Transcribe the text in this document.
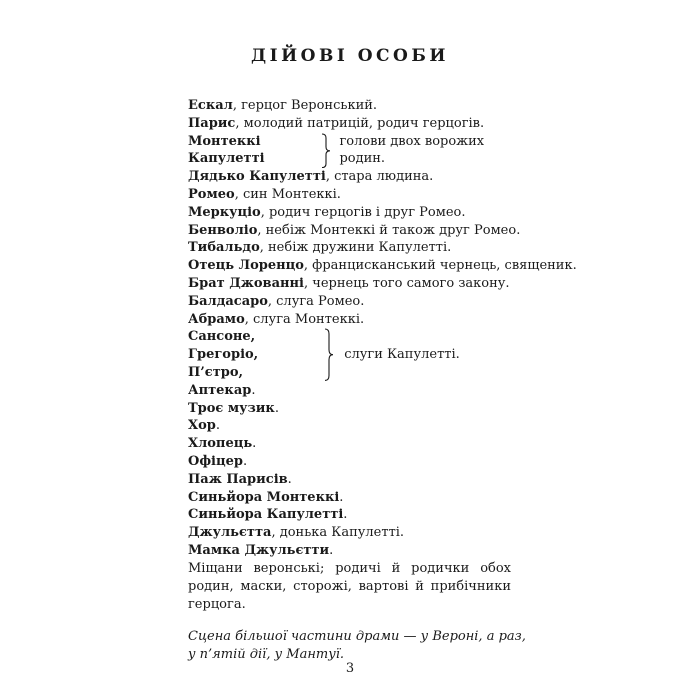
ДІЙОВІ ОСОБИ
Ескал, герцог Веронський.
Парис, молодий патрицій, родич герцогів.
Монтеккі
Капулетті
голови двох ворожих родин.
Дядько Капулетті, стара людина.
Ромео, син Монтеккі.
Меркуціо, родич герцогів і друг Ромео.
Бенволіо, небіж Монтеккі й також друг Ромео.
Тибальдо, небіж дружини Капулетті.
Отець Лоренцо, францисканський чернець, священик.
Брат Джованні, чернець того самого закону.
Балдасаро, слуга Ромео.
Абрамо, слуга Монтеккі.
Сансоне,
Грегоріо,
П’єтро,
слуги Капулетті.
Аптекар.
Троє музик.
Хор.
Хлопець.
Офіцер.
Паж Парисів.
Синьйора Монтеккі.
Синьйора Капулетті.
Джульєтта, донька Капулетті.
Мамка Джульєтти.
Міщани веронські; родичі й родички обох родин, маски, сторожі, вартові й прибічники герцога.
Сцена більшої частини драми — у Вероні, а раз, у п’ятій дії, у Мантуї.
3
